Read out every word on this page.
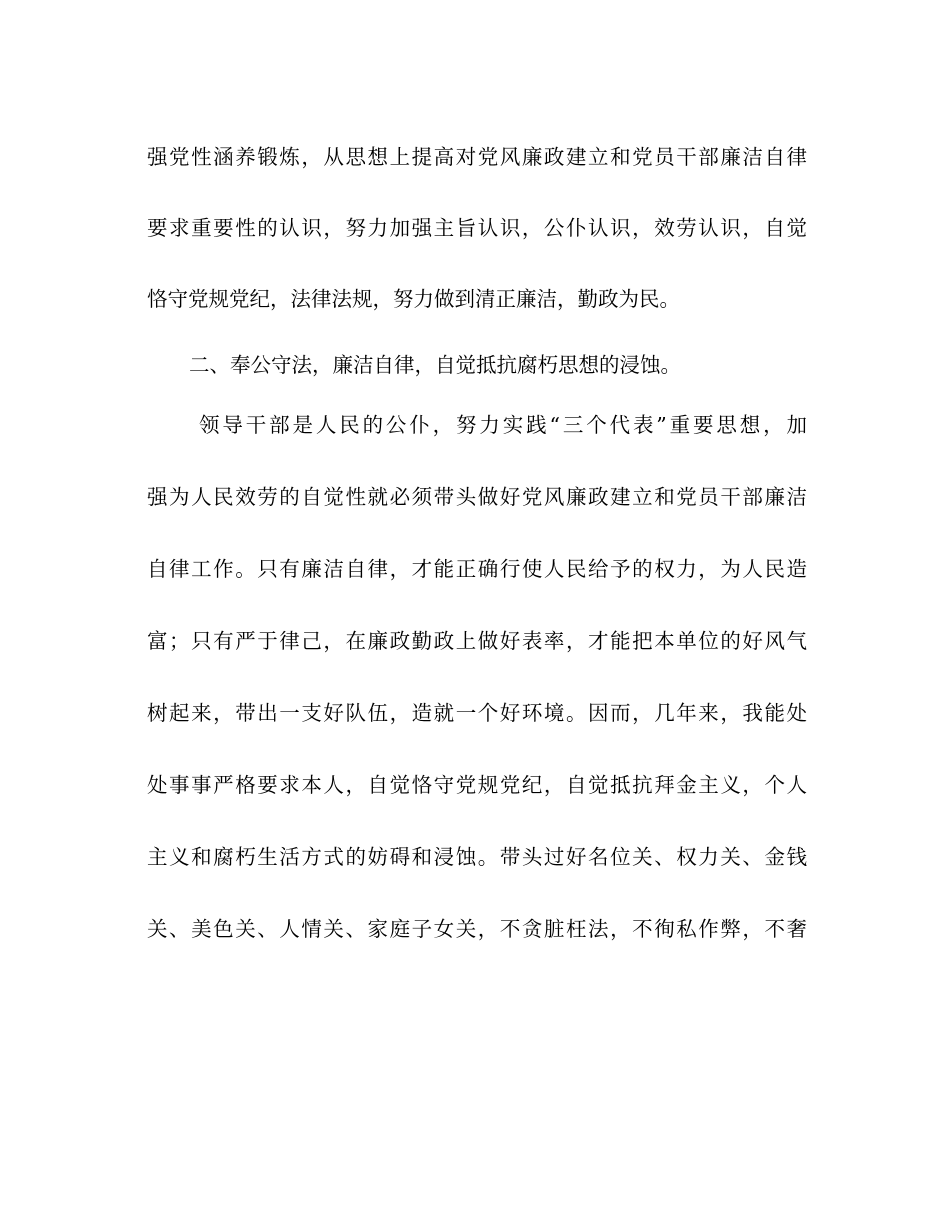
强党性涵养锻炼，从思想上提高对党风廉政建立和党员干部廉洁自律
要求重要性的认识，努力加强主旨认识，公仆认识，效劳认识，自觉
恪守党规党纪，法律法规，努力做到清正廉洁，勤政为民。
二、奉公守法，廉洁自律，自觉抵抗腐朽思想的浸蚀。
领导干部是人民的公仆，努力实践“三个代表”重要思想，加
强为人民效劳的自觉性就必须带头做好党风廉政建立和党员干部廉洁
自律工作。只有廉洁自律，才能正确行使人民给予的权力，为人民造
富；只有严于律己，在廉政勤政上做好表率，才能把本单位的好风气
树起来，带出一支好队伍，造就一个好环境。因而，几年来，我能处
处事事严格要求本人，自觉恪守党规党纪，自觉抵抗拜金主义，个人
主义和腐朽生活方式的妨碍和浸蚀。带头过好名位关、权力关、金钱
关、美色关、人情关、家庭子女关，不贪脏枉法，不徇私作弊，不奢
